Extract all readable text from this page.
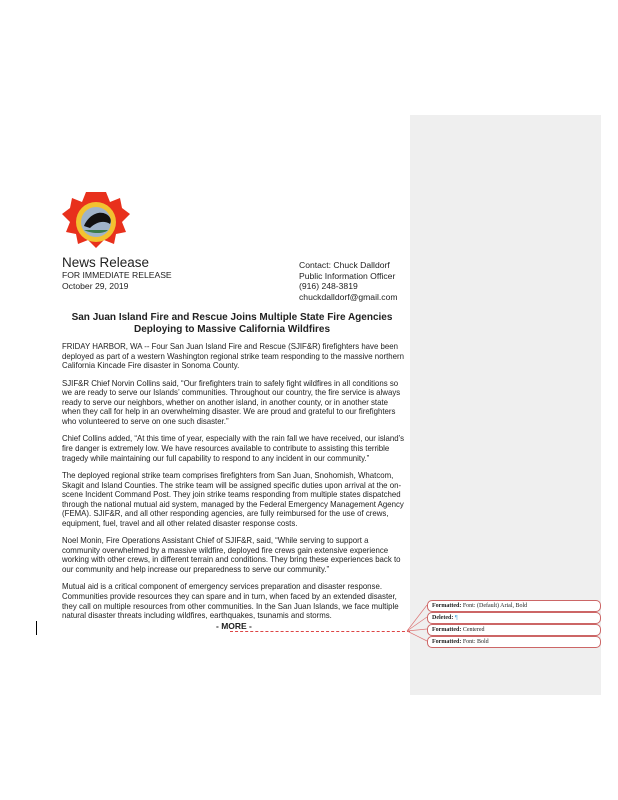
News Release
FOR IMMEDIATE RELEASE
October 29, 2019
Contact: Chuck Dalldorf
Public Information Officer
(916) 248-3819
chuckdalldorf@gmail.com
San Juan Island Fire and Rescue Joins Multiple State Fire Agencies
Deploying to Massive California Wildfires

FRIDAY HARBOR, WA -- Four San Juan Island Fire and Rescue (SJIF&R) firefighters have been deployed as part of a western Washington regional strike team responding to the massive northern California Kincade Fire disaster in Sonoma County.

SJIF&R Chief Norvin Collins said, “Our firefighters train to safely fight wildfires in all conditions so we are ready to serve our Islands’ communities. Throughout our country, the fire service is always ready to serve our neighbors, whether on another island, in another county, or in another state when they call for help in an overwhelming disaster. We are proud and grateful to our firefighters who volunteered to serve on one such disaster.”

Chief Collins added, “At this time of year, especially with the rain fall we have received, our island’s fire danger is extremely low. We have resources available to contribute to assisting this terrible tragedy while maintaining our full capability to respond to any incident in our community.”

The deployed regional strike team comprises firefighters from San Juan, Snohomish, Whatcom, Skagit and Island Counties. The strike team will be assigned specific duties upon arrival at the on-scene Incident Command Post. They join strike teams responding from multiple states dispatched through the national mutual aid system, managed by the Federal Emergency Management Agency (FEMA). SJIF&R, and all other responding agencies, are fully reimbursed for the use of crews, equipment, fuel, travel and all other related disaster response costs.

Noel Monin, Fire Operations Assistant Chief of SJIF&R, said, “While serving to support a community overwhelmed by a massive wildfire, deployed fire crews gain extensive experience working with other crews, in different terrain and conditions. They bring these experiences back to our community and help increase our preparedness to serve our community.”

Mutual aid is a critical component of emergency services preparation and disaster response. Communities provide resources they can spare and in turn, when faced by an extended disaster, they call on multiple resources from other communities. In the San Juan Islands, we face multiple natural disaster threats including wildfires, earthquakes, tsunamis and storms.

- MORE -
Formatted: Font: (Default) Arial, Bold
Deleted: ¶
Formatted: Centered
Formatted: Font: Bold
